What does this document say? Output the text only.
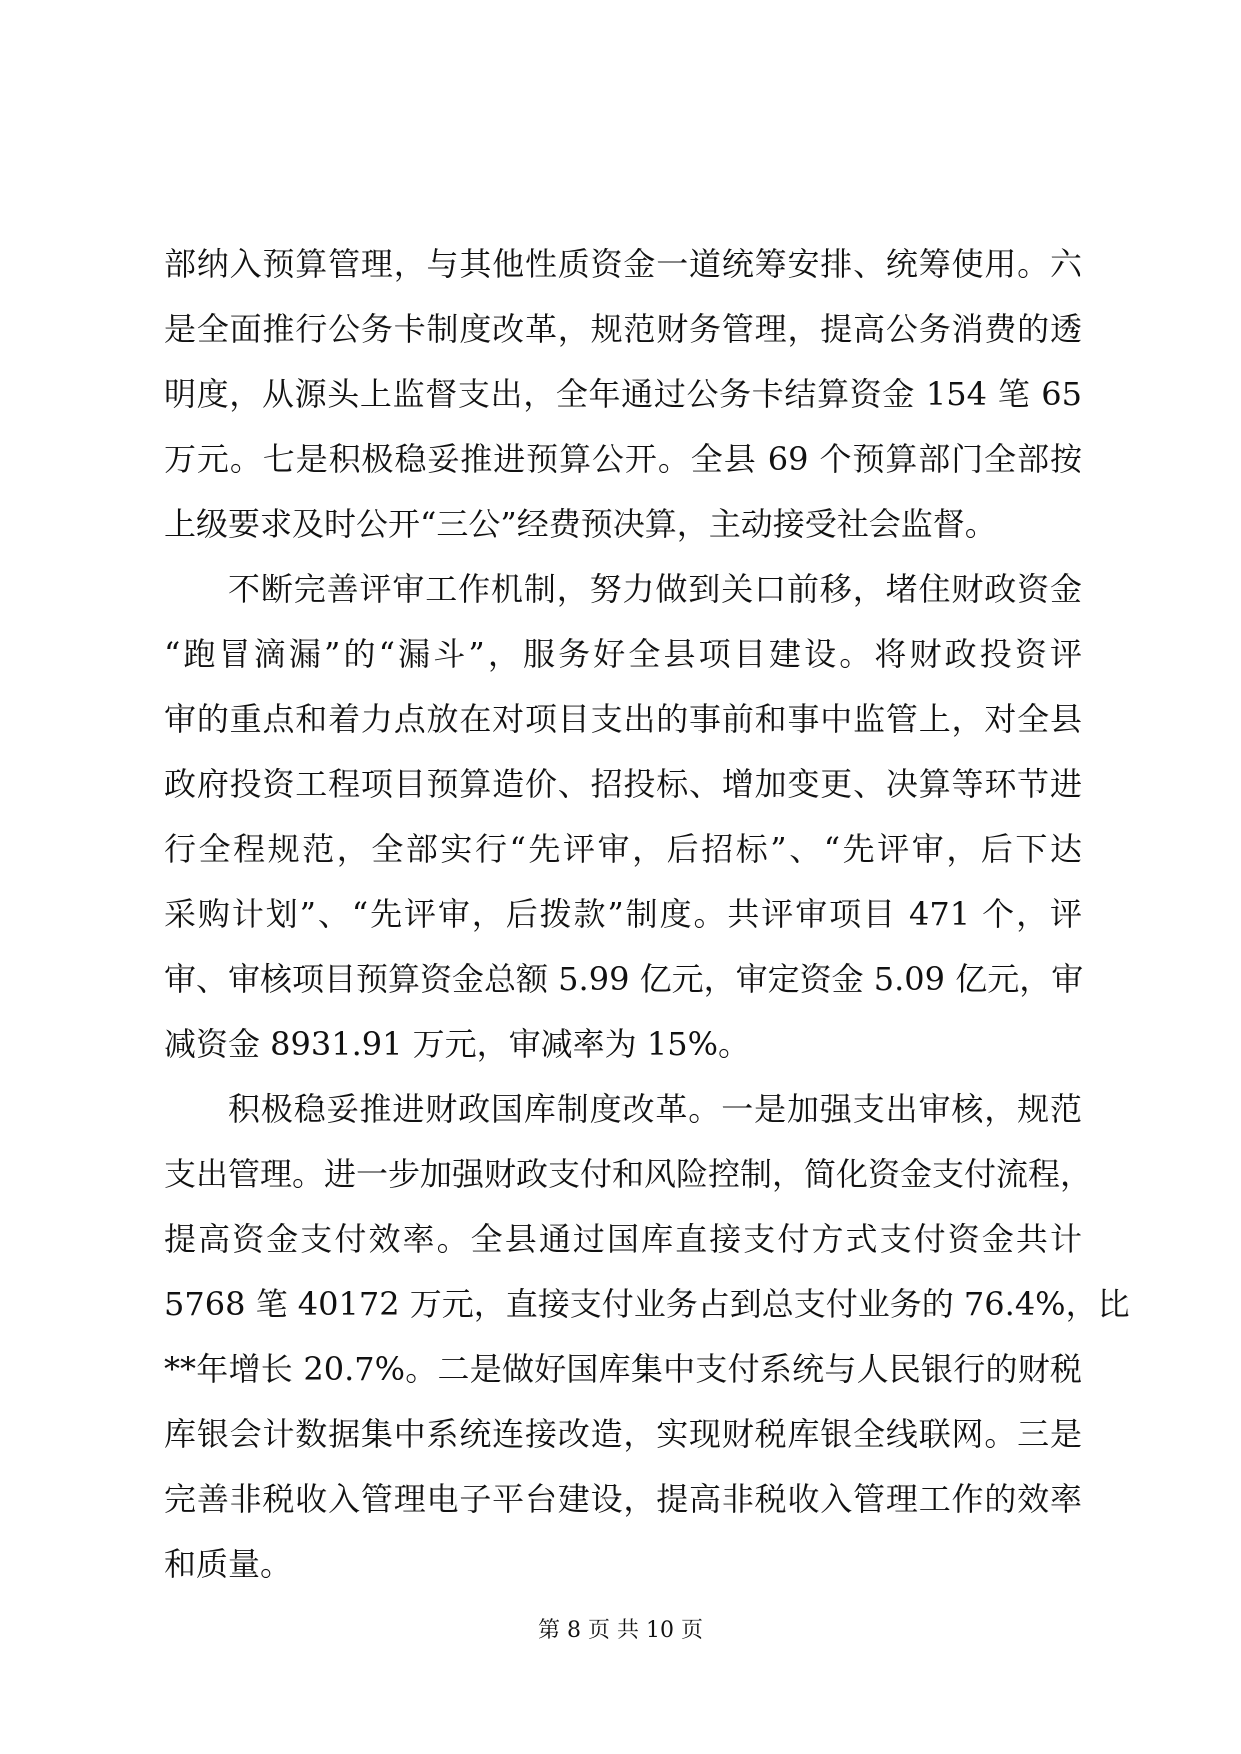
部纳入预算管理，与其他性质资金一道统筹安排、统筹使用。六
是全面推行公务卡制度改革，规范财务管理，提高公务消费的透
明度，从源头上监督支出，全年通过公务卡结算资金 154 笔 65
万元。七是积极稳妥推进预算公开。全县 69 个预算部门全部按
上级要求及时公开“三公”经费预决算，主动接受社会监督。
不断完善评审工作机制，努力做到关口前移，堵住财政资金
“跑冒滴漏”的“漏斗”，服务好全县项目建设。将财政投资评
审的重点和着力点放在对项目支出的事前和事中监管上，对全县
政府投资工程项目预算造价、招投标、增加变更、决算等环节进
行全程规范，全部实行“先评审，后招标”、“先评审，后下达
采购计划”、“先评审，后拨款”制度。共评审项目 471 个，评
审、审核项目预算资金总额 5.99 亿元，审定资金 5.09 亿元，审
减资金 8931.91 万元，审减率为 15%。
积极稳妥推进财政国库制度改革。一是加强支出审核，规范
支出管理。进一步加强财政支付和风险控制，简化资金支付流程，
提高资金支付效率。全县通过国库直接支付方式支付资金共计
5768 笔 40172 万元，直接支付业务占到总支付业务的 76.4%，比
**年增长 20.7%。二是做好国库集中支付系统与人民银行的财税
库银会计数据集中系统连接改造，实现财税库银全线联网。三是
完善非税收入管理电子平台建设，提高非税收入管理工作的效率
和质量。
第 8 页 共 10 页
